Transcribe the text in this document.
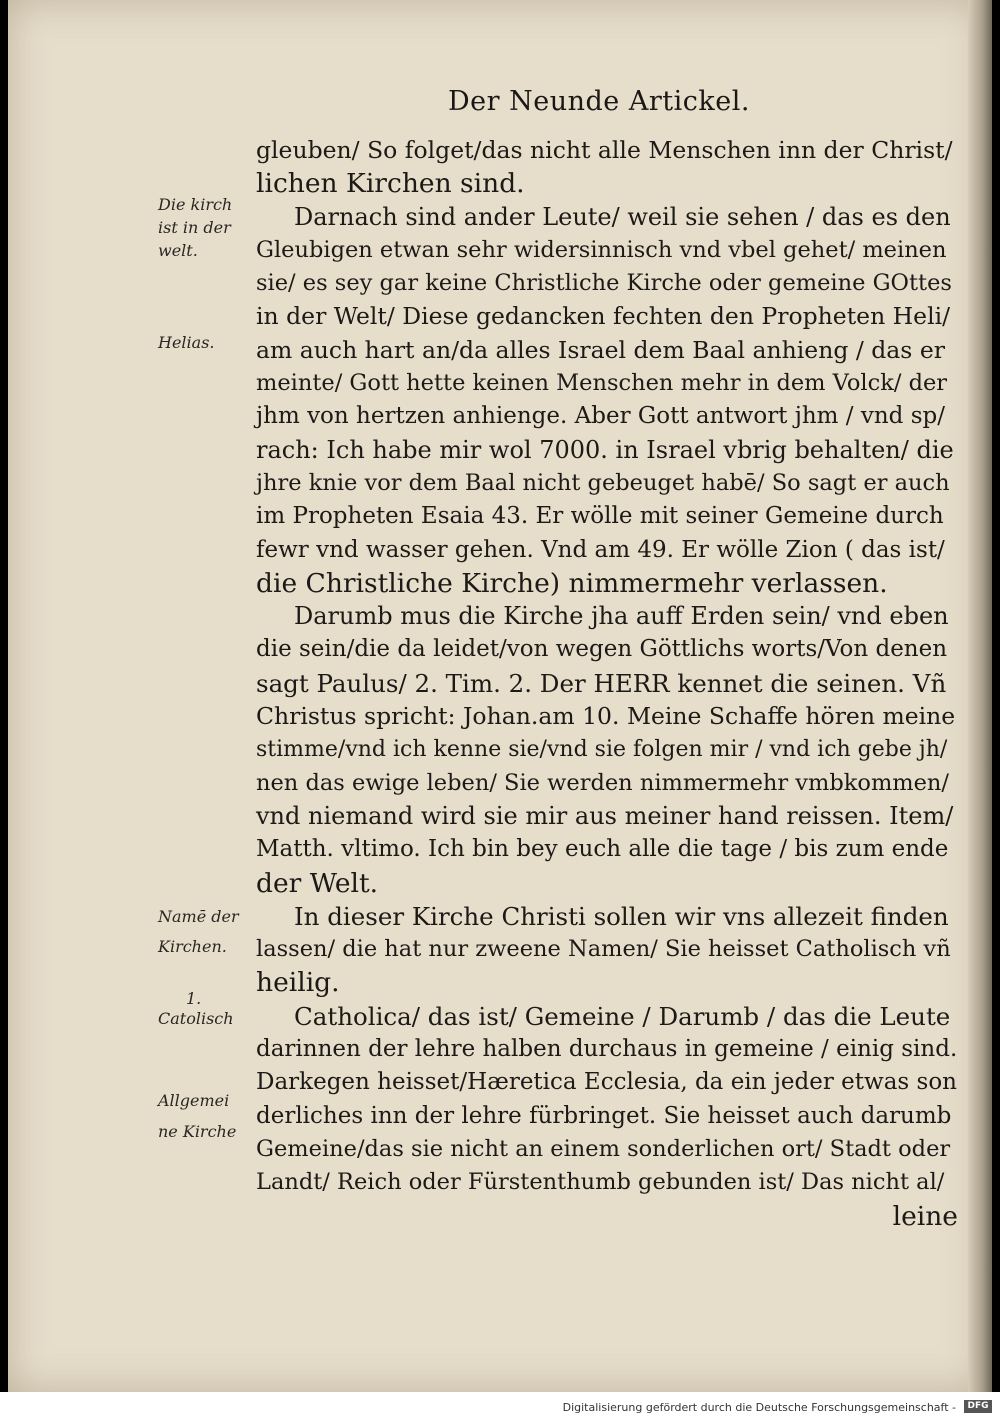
Der Neunde Artickel.
Die kirch
ist in der
welt.
Helias.
Namē der
Kirchen.
1.
Catolisch
Allgemei
ne Kirche
gleuben/ So folget/das nicht alle Menschen inn der Christ/
lichen Kirchen sind.
Darnach sind ander Leute/ weil sie sehen / das es den
Gleubigen etwan sehr widersinnisch vnd vbel gehet/ meinen
sie/ es sey gar keine Christliche Kirche oder gemeine GOttes
in der Welt/ Diese gedancken fechten den Propheten Heli/
am auch hart an/da alles Israel dem Baal anhieng / das er
meinte/ Gott hette keinen Menschen mehr in dem Volck/ der
jhm von hertzen anhienge. Aber Gott antwort jhm / vnd sp/
rach: Ich habe mir wol 7000. in Israel vbrig behalten/ die
jhre knie vor dem Baal nicht gebeuget habē/ So sagt er auch
im Propheten Esaia 43. Er wölle mit seiner Gemeine durch
fewr vnd wasser gehen. Vnd am 49. Er wölle Zion ( das ist/
die Christliche Kirche) nimmermehr verlassen.
Darumb mus die Kirche jha auff Erden sein/ vnd eben
die sein/die da leidet/von wegen Göttlichs worts/Von denen
sagt Paulus/ 2. Tim. 2. Der HERR kennet die seinen. Vñ
Christus spricht: Johan.am 10. Meine Schaffe hören meine
stimme/vnd ich kenne sie/vnd sie folgen mir / vnd ich gebe jh/
nen das ewige leben/ Sie werden nimmermehr vmbkommen/
vnd niemand wird sie mir aus meiner hand reissen. Item/
Matth. vltimo. Ich bin bey euch alle die tage / bis zum ende
der Welt.
In dieser Kirche Christi sollen wir vns allezeit finden
lassen/ die hat nur zweene Namen/ Sie heisset Catholisch vñ
heilig.
Catholica/ das ist/ Gemeine / Darumb / das die Leute
darinnen der lehre halben durchaus in gemeine / einig sind.
Darkegen heisset/Hæretica Ecclesia, da ein jeder etwas son
derliches inn der lehre fürbringet. Sie heisset auch darumb
Gemeine/das sie nicht an einem sonderlichen ort/ Stadt oder
Landt/ Reich oder Fürstenthumb gebunden ist/ Das nicht al/
leine
Digitalisierung gefördert durch die Deutsche Forschungsgemeinschaft -	DFG
